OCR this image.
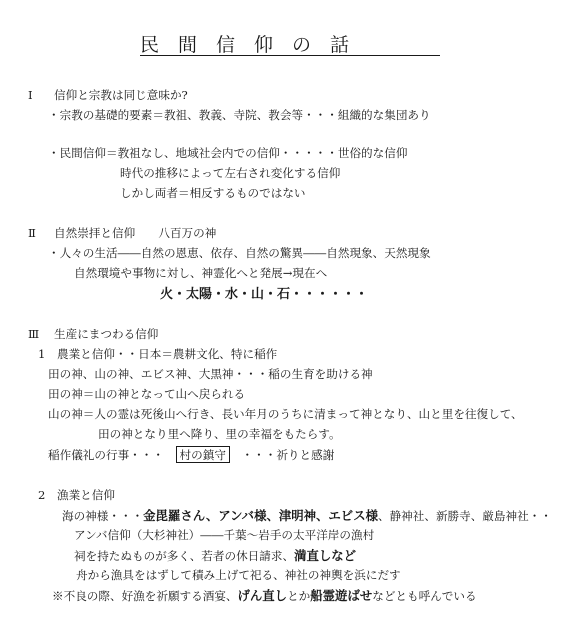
民　間　信　仰　の　話
Ⅰ 信仰と宗教は同じ意味か?
・宗教の基礎的要素＝教祖、教義、寺院、教会等・・・組織的な集団あり
・民間信仰＝教祖なし、地域社会内での信仰・・・・・世俗的な信仰
時代の推移によって左右され変化する信仰
しかし両者＝相反するものではない
Ⅱ 自然崇拝と信仰　　八百万の神
・人々の生活――自然の恩恵、依存、自然の驚異――自然現象、天然現象
自然環境や事物に対し、神霊化へと発展→現在へ
火・太陽・水・山・石・・・・・・
Ⅲ 生産にまつわる信仰
1　農業と信仰・・日本＝農耕文化、特に稲作
田の神、山の神、エビス神、大黒神・・・稲の生育を助ける神
田の神＝山の神となって山へ戻られる
山の神＝人の霊は死後山へ行き、長い年月のうちに清まって神となり、山と里を往復して、
田の神となり里へ降り、里の幸福をもたらす。
稲作儀礼の行事・・・　村の鎮守　・・・祈りと感謝
2　漁業と信仰
海の神様・・・金毘羅さん、アンバ様、津明神、エビス様、静神社、新勝寺、厳島神社・・
アンバ信仰（大杉神社）――千葉～岩手の太平洋岸の漁村
祠を持たぬものが多く、若者の休日請求、満直しなど
舟から漁具をはずして積み上げて祀る、神社の神輿を浜にだす
※不良の際、好漁を祈願する酒宴、げん直しとか船霊遊ばせなどとも呼んでいる
